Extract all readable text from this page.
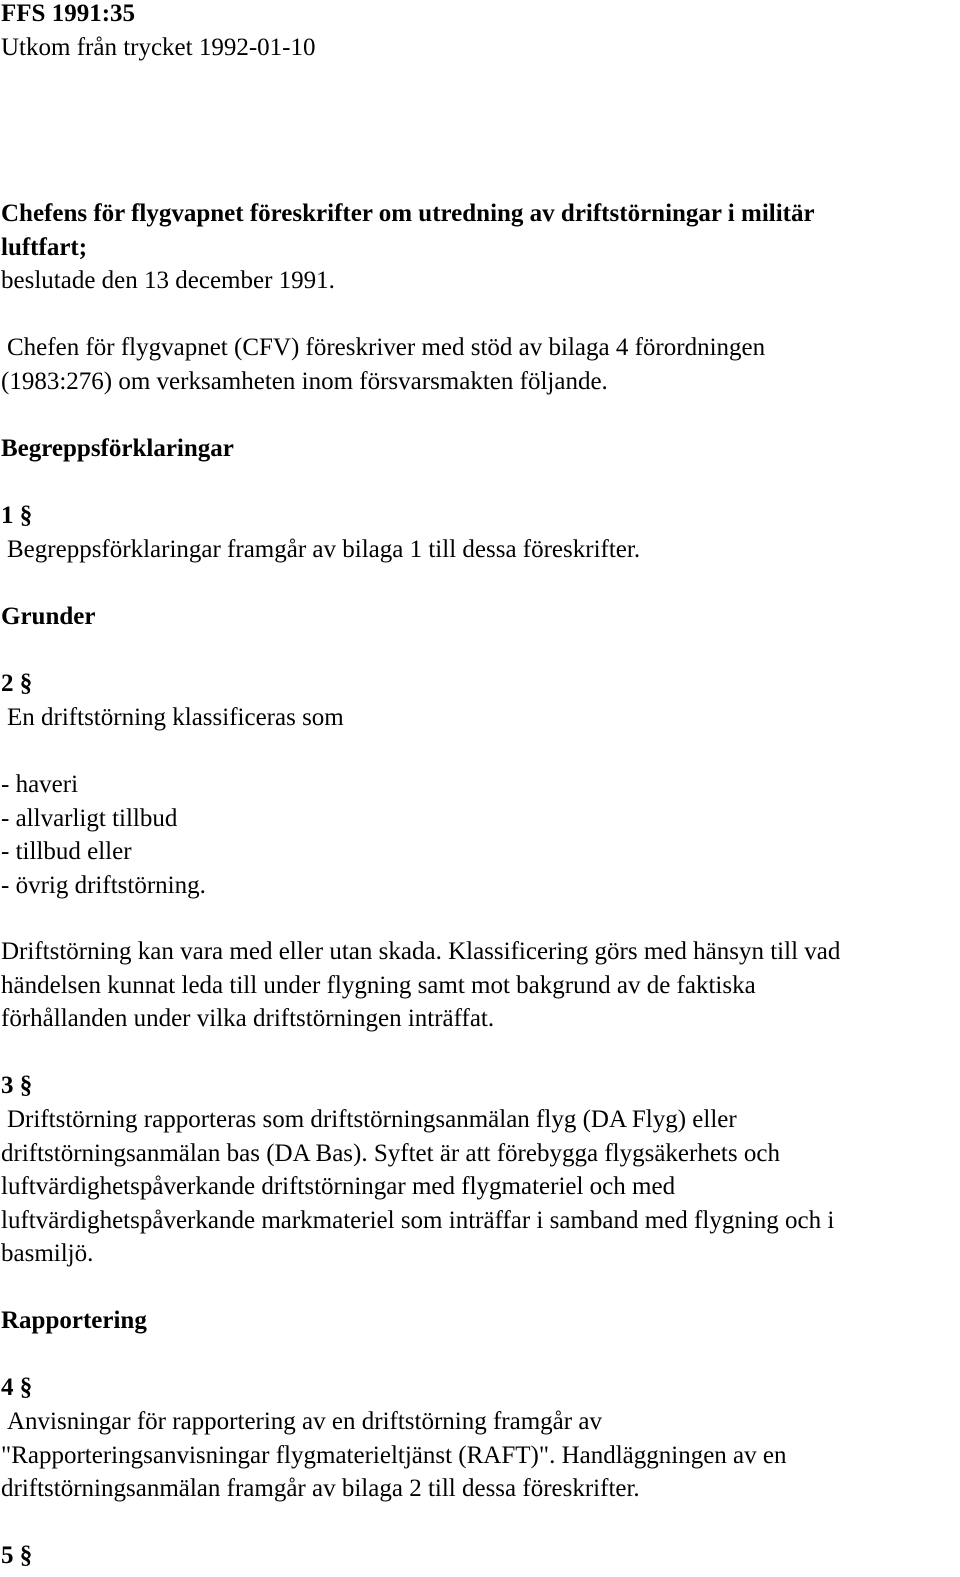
FFS 1991:35
Utkom från trycket 1992-01-10
Chefens för flygvapnet föreskrifter om utredning av driftstörningar i militär
luftfart;
beslutade den 13 december 1991.
Chefen för flygvapnet (CFV) föreskriver med stöd av bilaga 4 förordningen
(1983:276) om verksamheten inom försvarsmakten följande.
Begreppsförklaringar
1 §
Begreppsförklaringar framgår av bilaga 1 till dessa föreskrifter.
Grunder
2 §
En driftstörning klassificeras som
- haveri
- allvarligt tillbud
- tillbud eller
- övrig driftstörning.
Driftstörning kan vara med eller utan skada. Klassificering görs med hänsyn till vad
händelsen kunnat leda till under flygning samt mot bakgrund av de faktiska
förhållanden under vilka driftstörningen inträffat.
3 §
Driftstörning rapporteras som driftstörningsanmälan flyg (DA Flyg) eller
driftstörningsanmälan bas (DA Bas). Syftet är att förebygga flygsäkerhets och
luftvärdighetspåverkande driftstörningar med flygmateriel och med
luftvärdighetspåverkande markmateriel som inträffar i samband med flygning och i
basmiljö.
Rapportering
4 §
Anvisningar för rapportering av en driftstörning framgår av
"Rapporteringsanvisningar flygmaterieltjänst (RAFT)". Handläggningen av en
driftstörningsanmälan framgår av bilaga 2 till dessa föreskrifter.
5 §
